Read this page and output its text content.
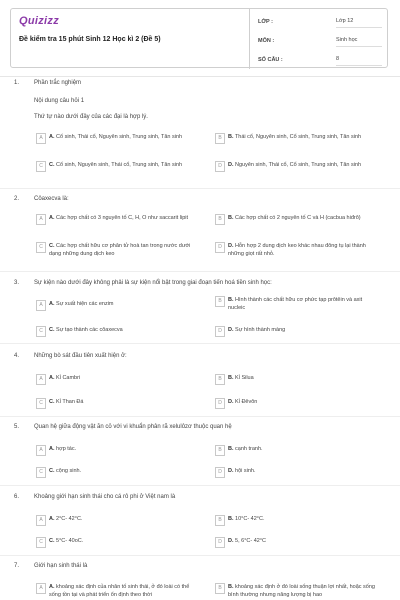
Quizizz
Đề kiểm tra 15 phút Sinh 12 Học kì 2 (Đề 5)
LỚP :	Lớp 12
MÔN :	Sinh học
SỐ CÂU :	8
1. Phần trắc nghiệm
Nội dung câu hỏi 1
Thứ tự nào dưới đây của các đại là hợp lý.
A	A. Cổ sinh, Thái cổ, Nguyên sinh, Trung sinh, Tân sinh	B	B. Thái cổ, Nguyên sinh, Cổ sinh, Trung sinh, Tân sinh
C	C. Cổ sinh, Nguyên sinh, Thái cổ, Trung sinh, Tân sinh	D	D. Nguyên sinh, Thái cổ, Cổ sinh, Trung sinh, Tân sinh
2. Côaxecva là:
A	A. Các hợp chất có 3 nguyên tố C, H, O như saccarit lipit	B	B. Các hợp chất có 2 nguyên tố C và H (cacbua hiđrô)
C	C. Các hợp chất hữu cơ phân tử hoà tan trong nước dưới dạng những dung dịch keo
D	D. Hỗn hợp 2 dung dịch keo khác nhau đông tụ lại thành những giọt rất nhỏ.
3. Sự kiện nào dưới đây không phải là sự kiện nổi bật trong giai đoạn tiến hoá tiền sinh học:
A	A. Sự xuất hiện các enzim	B	B. Hình thành các chất hữu cơ phức tạp prôtêin và axit nucleic
C	C. Sự tạo thành các côaxecva	D	D. Sự hình thành màng
4. Những bò sát đầu tiên xuất hiện ở:
A	A. Kỉ Cambri	B	B. Kỉ Silua
C	C. Kỉ Than Đá	D	D. Kỉ Đêvôn
5. Quan hệ giữa động vật ăn cỏ với vi khuẩn phân rã xelulôzơ thuộc quan hệ
A	A. hợp tác.	B	B. cạnh tranh.
C	C. cộng sinh.	D	D. hội sinh.
6. Khoảng giới hạn sinh thái cho cá rô phi ở Việt nam là
A	A. 2°C- 42°C.	B	B. 10°C- 42°C.
C	C. 5°C- 40oC.	D	D. 5, 6°C- 42°C
7. Giới hạn sinh thái là
A	A. khoảng xác định của nhân tố sinh thái, ở đó loài có thể sống tồn tại và phát triển ổn định theo thời
B	B. khoảng xác định ở đó loài sống thuận lợi nhất, hoặc sống bình thường nhưng năng lượng bị hao
